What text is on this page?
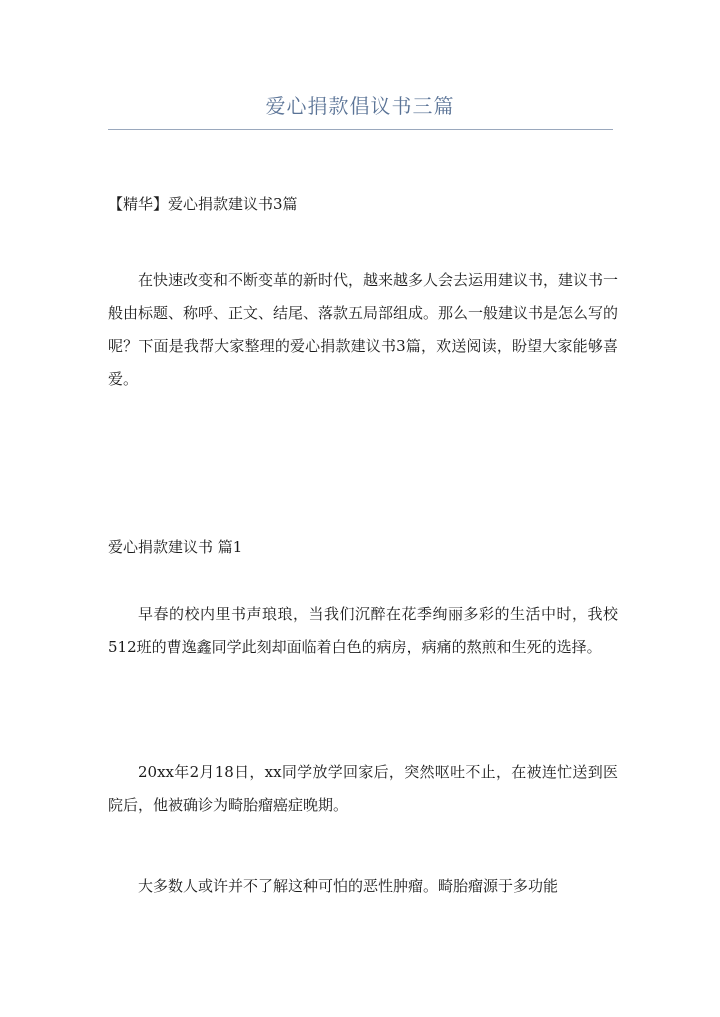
爱心捐款倡议书三篇
【精华】爱心捐款建议书3篇

在快速改变和不断变革的新时代，越来越多人会去运用建议书，建议书一般由标题、称呼、正文、结尾、落款五局部组成。那么一般建议书是怎么写的呢？下面是我帮大家整理的爱心捐款建议书3篇，欢送阅读，盼望大家能够喜爱。

爱心捐款建议书 篇1

早春的校内里书声琅琅，当我们沉醉在花季绚丽多彩的生活中时，我校512班的曹逸鑫同学此刻却面临着白色的病房，病痛的熬煎和生死的选择。

20xx年2月18日，xx同学放学回家后，突然呕吐不止，在被连忙送到医院后，他被确诊为畸胎瘤癌症晚期。

大多数人或许并不了解这种可怕的恶性肿瘤。畸胎瘤源于多功能
